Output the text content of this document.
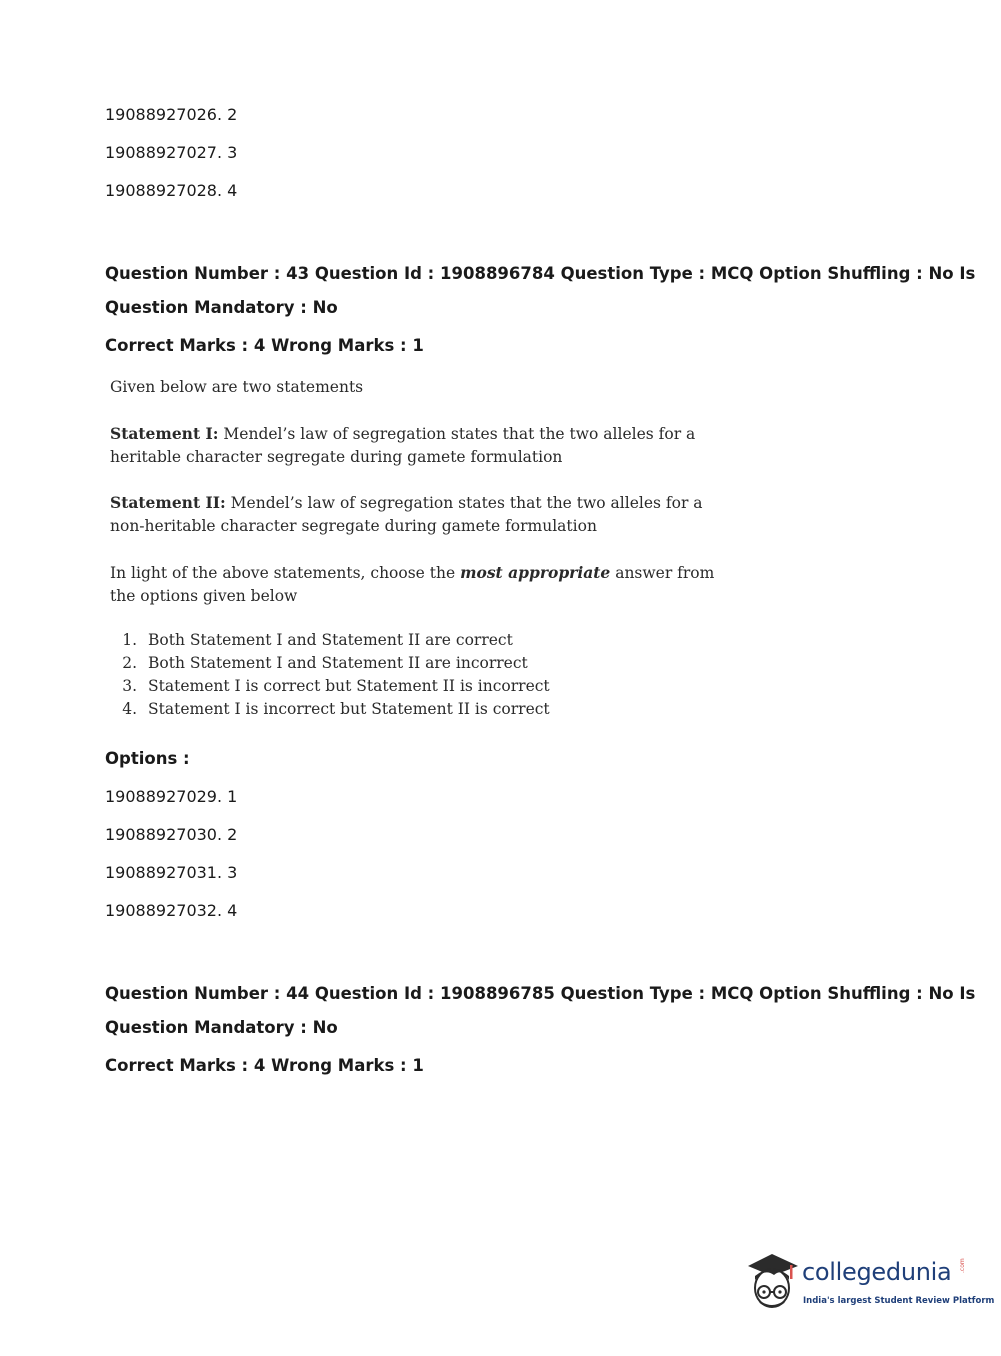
19088927026. 2
19088927027. 3
19088927028. 4
Question Number : 43 Question Id : 1908896784 Question Type : MCQ Option Shuffling : No Is
Question Mandatory : No
Correct Marks : 4 Wrong Marks : 1

Given below are two statements

Statement I: Mendel’s law of segregation states that the two alleles for a heritable character segregate during gamete formulation

Statement II: Mendel’s law of segregation states that the two alleles for a non-heritable character segregate during gamete formulation

In light of the above statements, choose the most appropriate answer from the options given below

1. Both Statement I and Statement II are correct
2. Both Statement I and Statement II are incorrect
3. Statement I is correct but Statement II is incorrect
4. Statement I is incorrect but Statement II is correct
Options :
19088927029. 1
19088927030. 2
19088927031. 3
19088927032. 4
Question Number : 44 Question Id : 1908896785 Question Type : MCQ Option Shuffling : No Is
Question Mandatory : No
Correct Marks : 4 Wrong Marks : 1
collegedunia .com
India's largest Student Review Platform
